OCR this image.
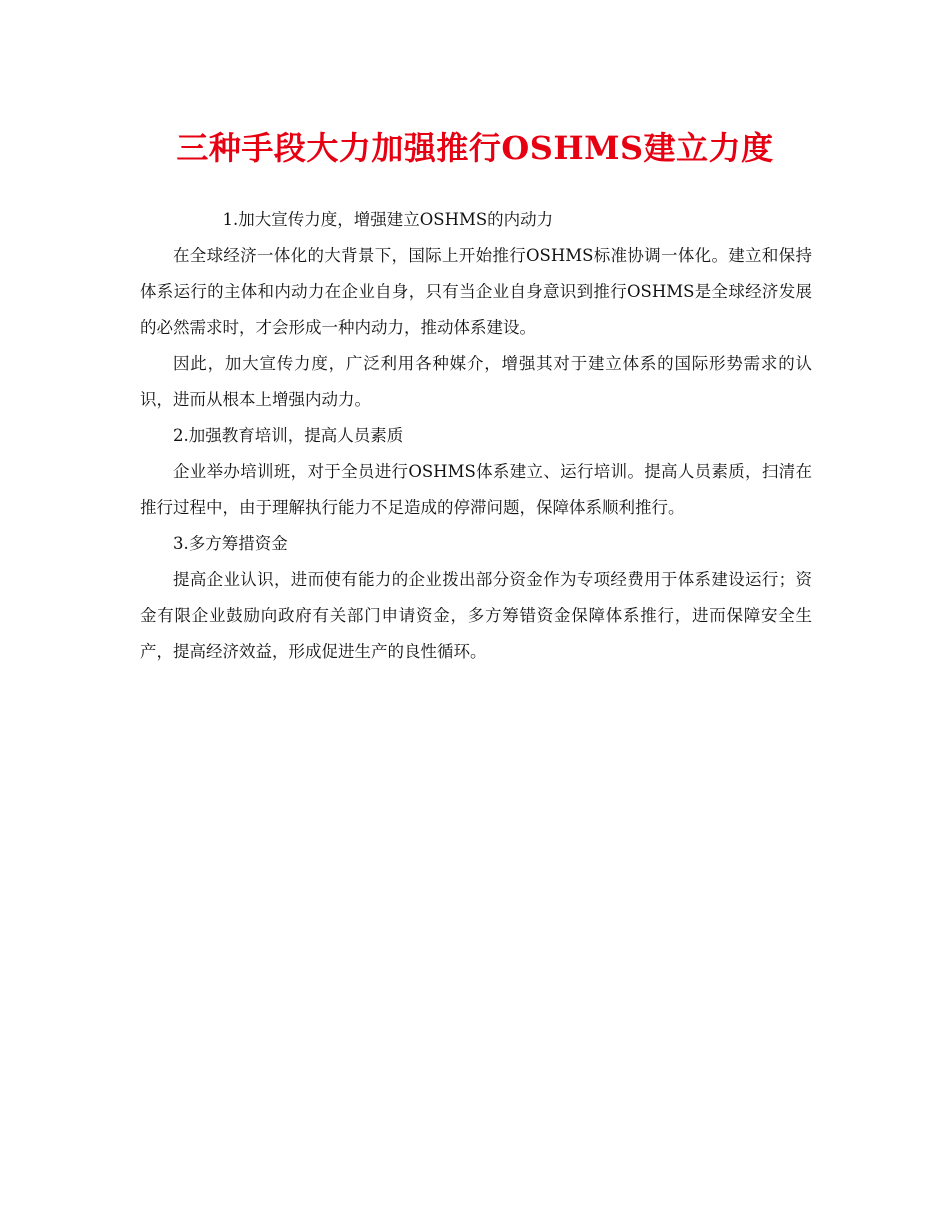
三种手段大力加强推行OSHMS建立力度

1.加大宣传力度，增强建立OSHMS的内动力

在全球经济一体化的大背景下，国际上开始推行OSHMS标准协调一体化。建立和保持体系运行的主体和内动力在企业自身，只有当企业自身意识到推行OSHMS是全球经济发展的必然需求时，才会形成一种内动力，推动体系建设。

因此，加大宣传力度，广泛利用各种媒介，增强其对于建立体系的国际形势需求的认识，进而从根本上增强内动力。

2.加强教育培训，提高人员素质

企业举办培训班，对于全员进行OSHMS体系建立、运行培训。提高人员素质，扫清在推行过程中，由于理解执行能力不足造成的停滞问题，保障体系顺利推行。

3.多方筹措资金

提高企业认识，进而使有能力的企业拨出部分资金作为专项经费用于体系建设运行；资金有限企业鼓励向政府有关部门申请资金，多方筹错资金保障体系推行，进而保障安全生产，提高经济效益，形成促进生产的良性循环。
